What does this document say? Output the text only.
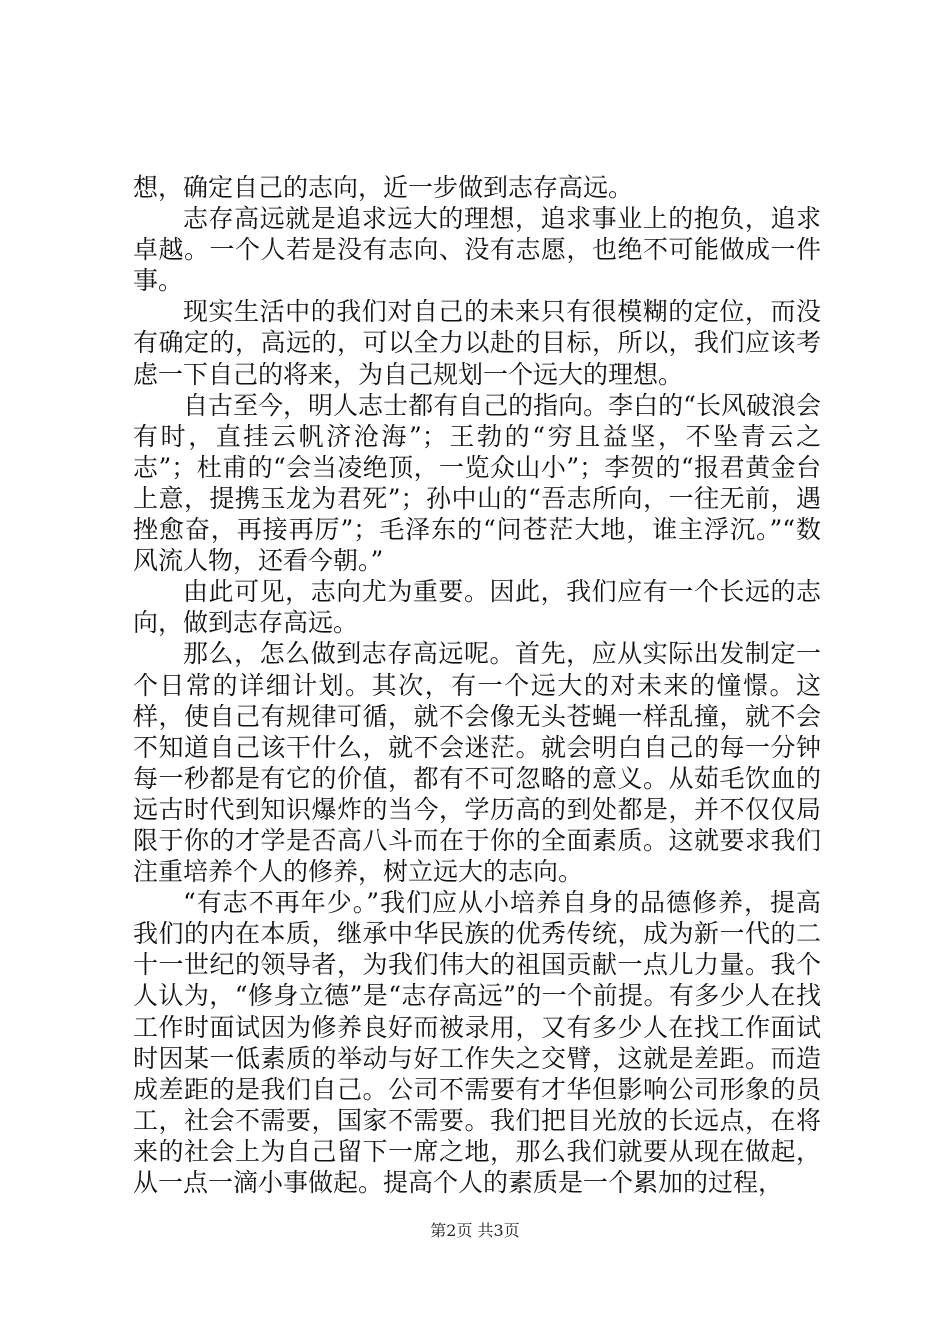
想，确定自己的志向，近一步做到志存高远。

志存高远就是追求远大的理想，追求事业上的抱负，追求卓越。一个人若是没有志向、没有志愿，也绝不可能做成一件事。

现实生活中的我们对自己的未来只有很模糊的定位，而没有确定的，高远的，可以全力以赴的目标，所以，我们应该考虑一下自己的将来，为自己规划一个远大的理想。

自古至今，明人志士都有自己的指向。李白的“长风破浪会有时，直挂云帆济沧海”；王勃的“穷且益坚，不坠青云之志”；杜甫的“会当凌绝顶，一览众山小”；李贺的“报君黄金台上意，提携玉龙为君死”；孙中山的“吾志所向，一往无前，遇挫愈奋，再接再厉”；毛泽东的“问苍茫大地，谁主浮沉。”“数风流人物，还看今朝。”

由此可见，志向尤为重要。因此，我们应有一个长远的志向，做到志存高远。

那么，怎么做到志存高远呢。首先，应从实际出发制定一个日常的详细计划。其次，有一个远大的对未来的憧憬。这样，使自己有规律可循，就不会像无头苍蝇一样乱撞，就不会不知道自己该干什么，就不会迷茫。就会明白自己的每一分钟每一秒都是有它的价值，都有不可忽略的意义。从茹毛饮血的远古时代到知识爆炸的当今，学历高的到处都是，并不仅仅局限于你的才学是否高八斗而在于你的全面素质。这就要求我们注重培养个人的修养，树立远大的志向。

“有志不再年少。”我们应从小培养自身的品德修养，提高我们的内在本质，继承中华民族的优秀传统，成为新一代的二十一世纪的领导者，为我们伟大的祖国贡献一点儿力量。我个人认为，“修身立德”是“志存高远”的一个前提。有多少人在找工作时面试因为修养良好而被录用，又有多少人在找工作面试时因某一低素质的举动与好工作失之交臂，这就是差距。而造成差距的是我们自己。公司不需要有才华但影响公司形象的员工，社会不需要，国家不需要。我们把目光放的长远点，在将来的社会上为自己留下一席之地，那么我们就要从现在做起，从一点一滴小事做起。提高个人的素质是一个累加的过程，

第2页 共3页
